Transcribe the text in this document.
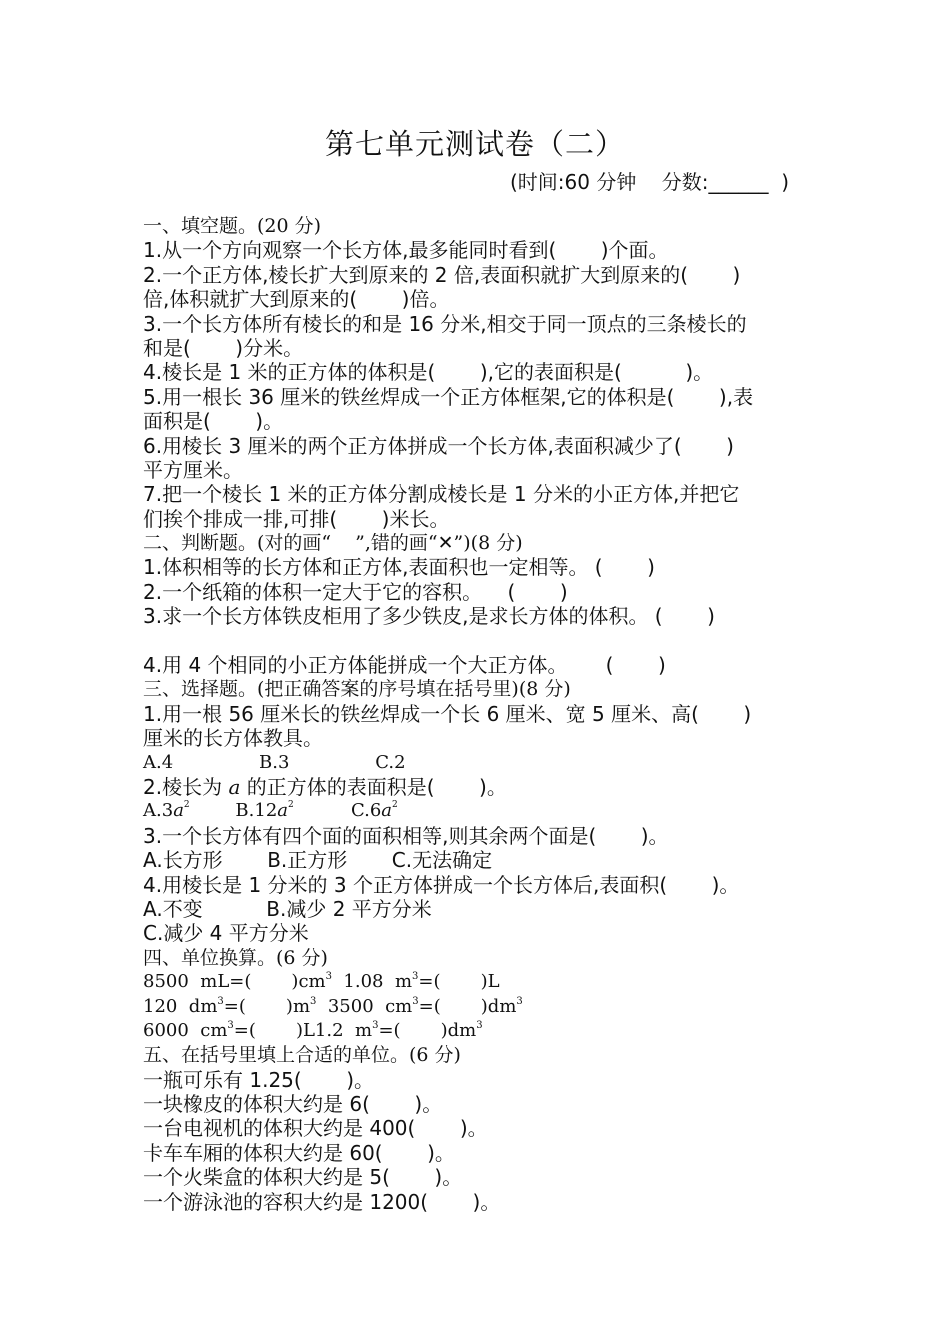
第七单元测试卷（二）
(时间:60 分钟    分数:______  )
一、填空题。(20 分)
1.从一个方向观察一个长方体,最多能同时看到(       )个面。
2.一个正方体,棱长扩大到原来的 2 倍,表面积就扩大到原来的(       )
倍,体积就扩大到原来的(       )倍。
3.一个长方体所有棱长的和是 16 分米,相交于同一顶点的三条棱长的
和是(       )分米。
4.棱长是 1 米的正方体的体积是(       ),它的表面积是(          )。
5.用一根长 36 厘米的铁丝焊成一个正方体框架,它的体积是(       ),表
面积是(       )。
6.用棱长 3 厘米的两个正方体拼成一个长方体,表面积减少了(       )
平方厘米。
7.把一个棱长 1 米的正方体分割成棱长是 1 分米的小正方体,并把它
们挨个排成一排,可排(       )米长。
二、判断题。(对的画“ ”,错的画“✕”)(8 分)
1.体积相等的长方体和正方体,表面积也一定相等。 (       )
2.一个纸箱的体积一定大于它的容积。    (       )
3.求一个长方体铁皮柜用了多少铁皮,是求长方体的体积。 (       )
4.用 4 个相同的小正方体能拼成一个大正方体。      (       )
三、选择题。(把正确答案的序号填在括号里)(8 分)
1.用一根 56 厘米长的铁丝焊成一个长 6 厘米、宽 5 厘米、高(       )
厘米的长方体教具。
A.4               B.3               C.2
2.棱长为 a 的正方体的表面积是(       )。
$A.3a^2$        $B.12a^2$          $C.6a^2$
3.一个长方体有四个面的面积相等,则其余两个面是(       )。
A.长方形       B.正方形       C.无法确定
4.用棱长是 1 分米的 3 个正方体拼成一个长方体后,表面积(       )。
A.不变          B.减少 2 平方分米
C.减少 4 平方分米
四、单位换算。(6 分)
8500  mL=(       )$cm^3$  1.08  $m^3=$(       )L
120  $dm^3=$(       )$m^3$  3500  $cm^3=$(       )$dm^3$
6000  $cm^3=$(       )L1.2  $m^3=$(       )$dm^3$
五、在括号里填上合适的单位。(6 分)
一瓶可乐有 1.25(       )。
一块橡皮的体积大约是 6(       )。
一台电视机的体积大约是 400(       )。
卡车车厢的体积大约是 60(       )。
一个火柴盒的体积大约是 5(       )。
一个游泳池的容积大约是 1200(       )。
